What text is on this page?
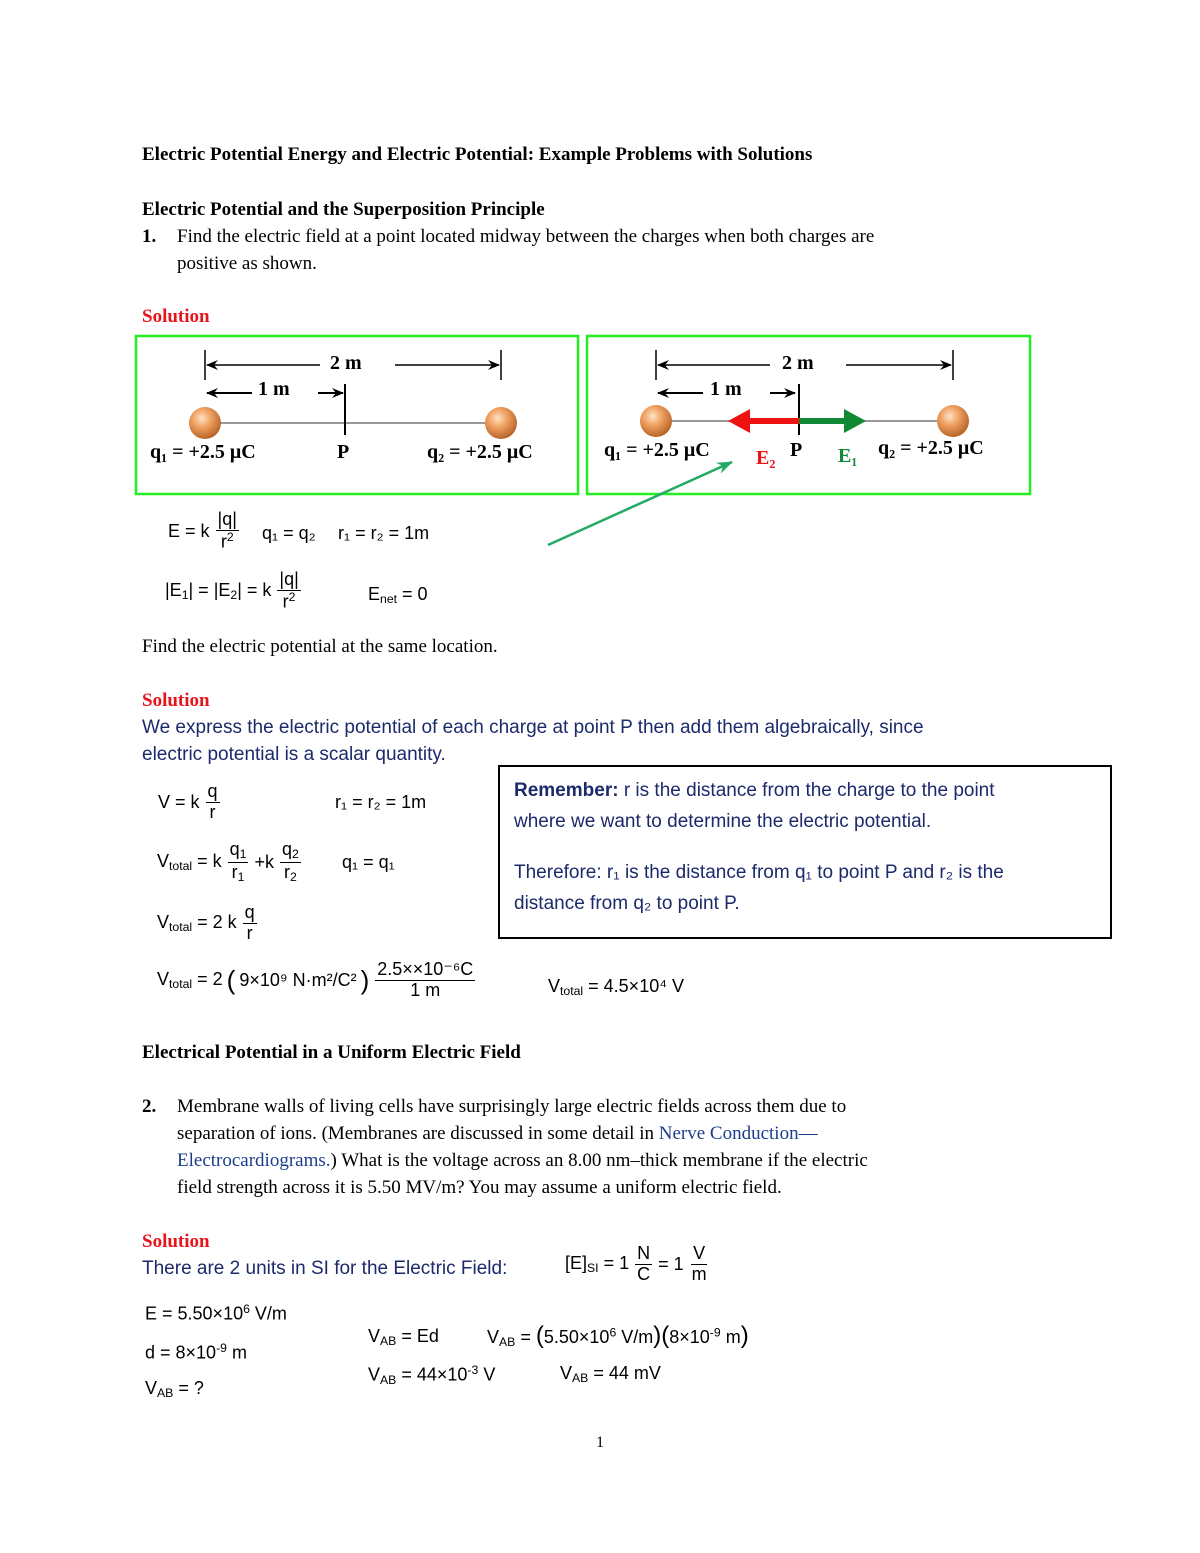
Electric Potential Energy and Electric Potential: Example Problems with Solutions
Electric Potential and the Superposition Principle
1. Find the electric field at a point located midway between the charges when both charges are
positive as shown.
Solution
2 m
1 m
q₁ = +2.5 μC	P	q₂ = +2.5 μC
2 m
1 m
q₁ = +2.5 μC	P	q₂ = +2.5 μC
E₂	E₁
E = k $\frac{|q|}{r^2} q_1 = q_2$ r₁ = r₂ = 1m
$|E_1| = |E_2| = k \frac{|q|}{r^2}$	$E_{net} = 0$
Find the electric potential at the same location.
Solution
We express the electric potential of each charge at point P then add them algebraically, since
electric potential is a scalar quantity.
Remember: r is the distance from the charge to the point
where we want to determine the electric potential.
Therefore: r₁ is the distance from q₁ to point P and r₂ is the
distance from q₂ to point P.
V = k $\frac{q}{r}$	r₁ = r₂ = 1m
$V_{total} = k \frac{q_1}{r_1} +k \frac{q_2}{r_2} q_1 = q_1$
$V_{total} = 2$ k $\frac{q}{r}$
$V_{total} = 2$ ( 9×10⁹ N·m²/C² ) $\frac{\text{2.5××10⁻⁶C}}{1 m}$	$V_{total} = 4.5\times 10^4$ V
Electrical Potential in a Uniform Electric Field
2. Membrane walls of living cells have surprisingly large electric fields across them due to
separation of ions. (Membranes are discussed in some detail in Nerve Conduction—
Electrocardiograms.) What is the voltage across an 8.00 nm–thick membrane if the electric
field strength across it is 5.50 MV/m? You may assume a uniform electric field.
Solution
There are 2 units in SI for the Electric Field:	$[E]_{SI} = 1 \frac{N}{C} = 1 \frac{V}{m}$
$E = 5.50\times 10^6$ V/m
$d = 8\times 10^{-9}$ m
$V_{AB}$ = ?
$V_{AB} = Ed$	$V_{AB} = (5.50\times 10^6$ $V/m)(8\times 10^{-9}$ m)
$V_{AB} = 44\times 10^{-3}$ V	$V_{AB} = 44$ mV
1
